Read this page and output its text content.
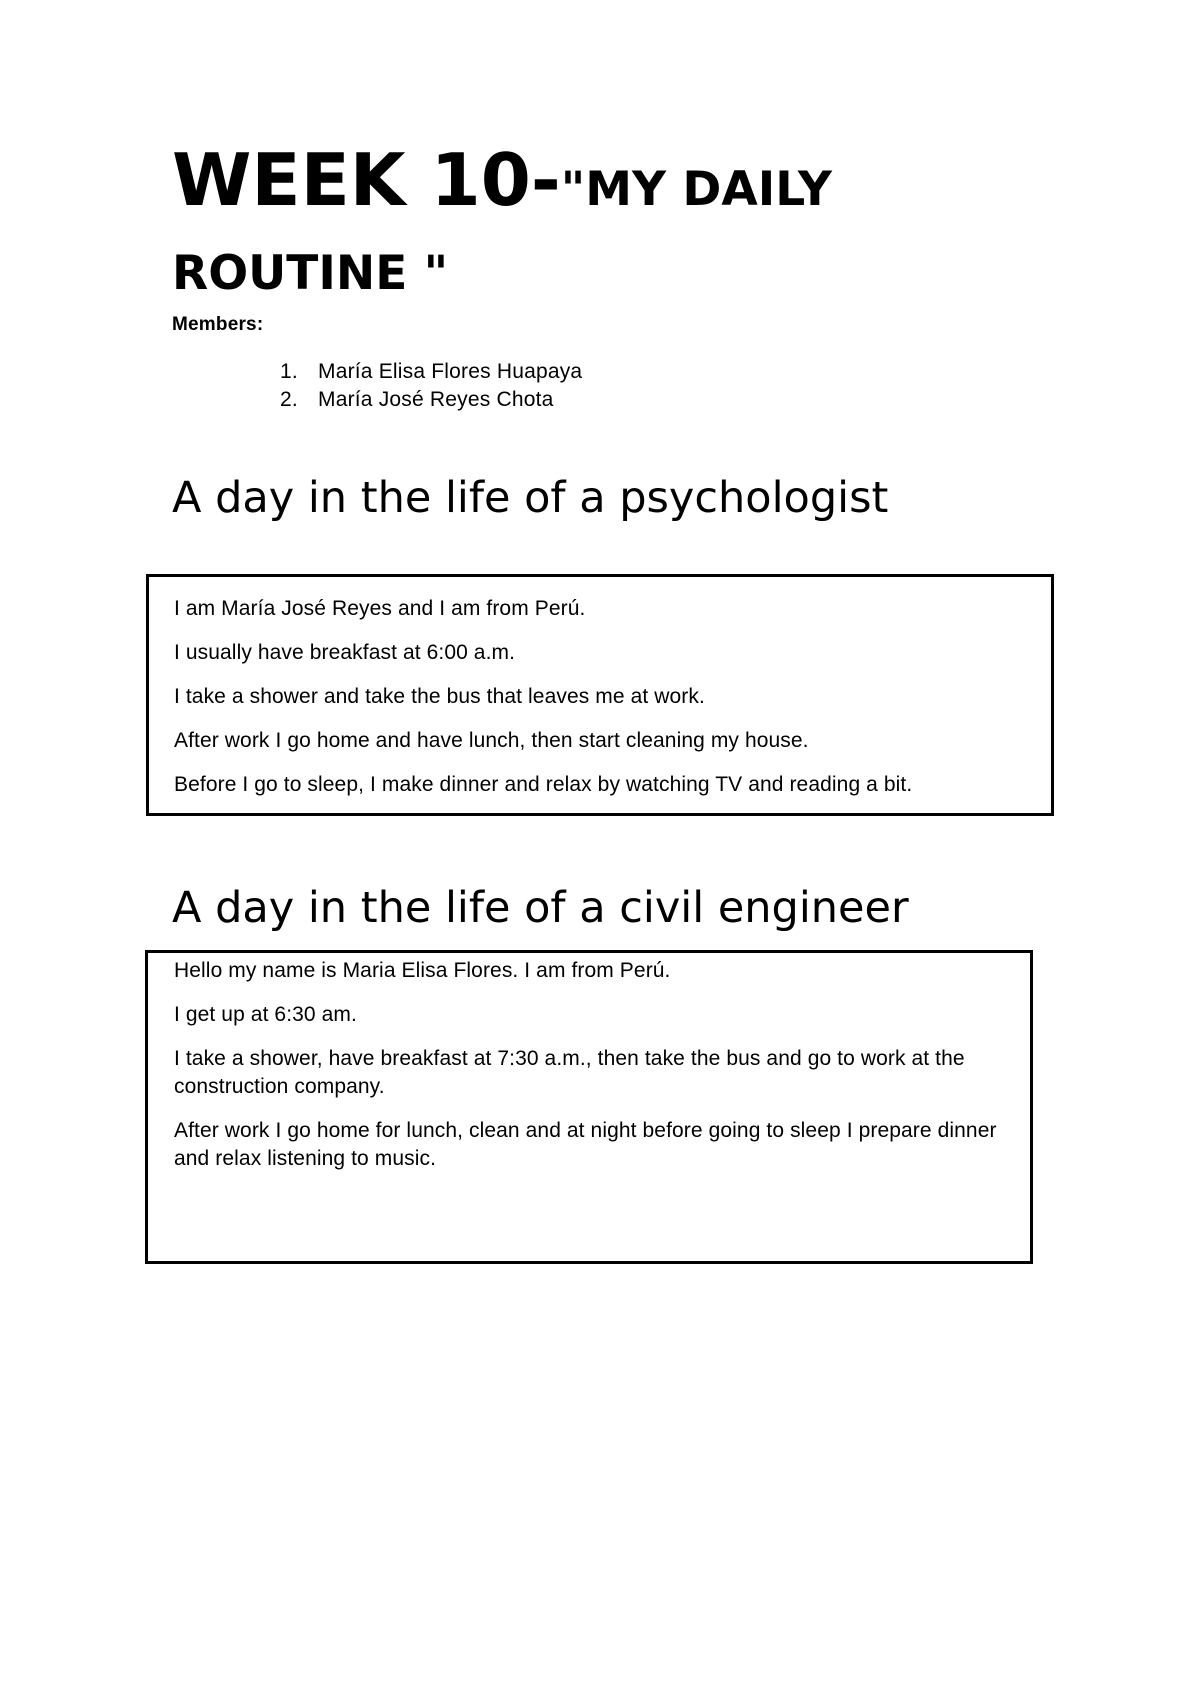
WEEK 10-"MY DAILY ROUTINE "
Members:
1. María Elisa Flores Huapaya
2. María José Reyes Chota
A day in the life of a psychologist

I am María José Reyes and I am from Perú.

I usually have breakfast at 6:00 a.m.

I take a shower and take the bus that leaves me at work.

After work I go home and have lunch, then start cleaning my house.

Before I go to sleep, I make dinner and relax by watching TV and reading a bit.

A day in the life of a civil engineer

Hello my name is Maria Elisa Flores. I am from Perú.

I get up at 6:30 am.

I take a shower, have breakfast at 7:30 a.m., then take the bus and go to work at the construction company.

After work I go home for lunch, clean and at night before going to sleep I prepare dinner and relax listening to music.
